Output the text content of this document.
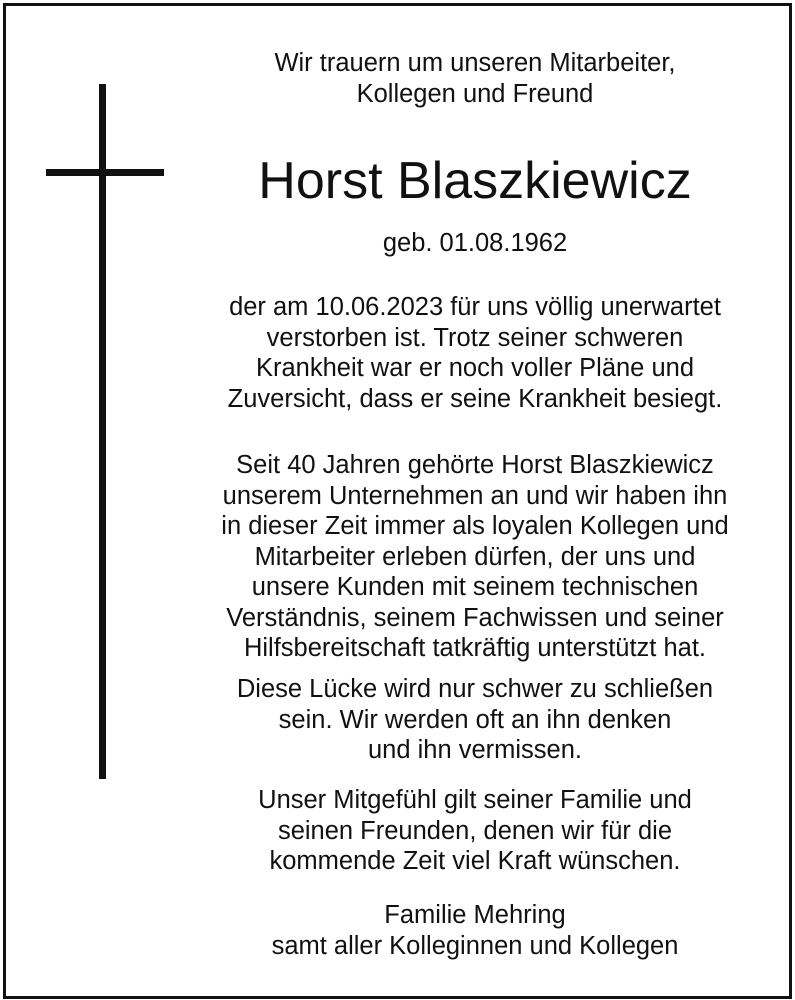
Wir trauern um unseren Mitarbeiter,
Kollegen und Freund

Horst Blaszkiewicz

geb. 01.08.1962

der am 10.06.2023 für uns völlig unerwartet
verstorben ist. Trotz seiner schweren
Krankheit war er noch voller Pläne und
Zuversicht, dass er seine Krankheit besiegt.

Seit 40 Jahren gehörte Horst Blaszkiewicz
unserem Unternehmen an und wir haben ihn
in dieser Zeit immer als loyalen Kollegen und
Mitarbeiter erleben dürfen, der uns und
unsere Kunden mit seinem technischen
Verständnis, seinem Fachwissen und seiner
Hilfsbereitschaft tatkräftig unterstützt hat.

Diese Lücke wird nur schwer zu schließen
sein. Wir werden oft an ihn denken
und ihn vermissen.

Unser Mitgefühl gilt seiner Familie und
seinen Freunden, denen wir für die
kommende Zeit viel Kraft wünschen.

Familie Mehring
samt aller Kolleginnen und Kollegen
